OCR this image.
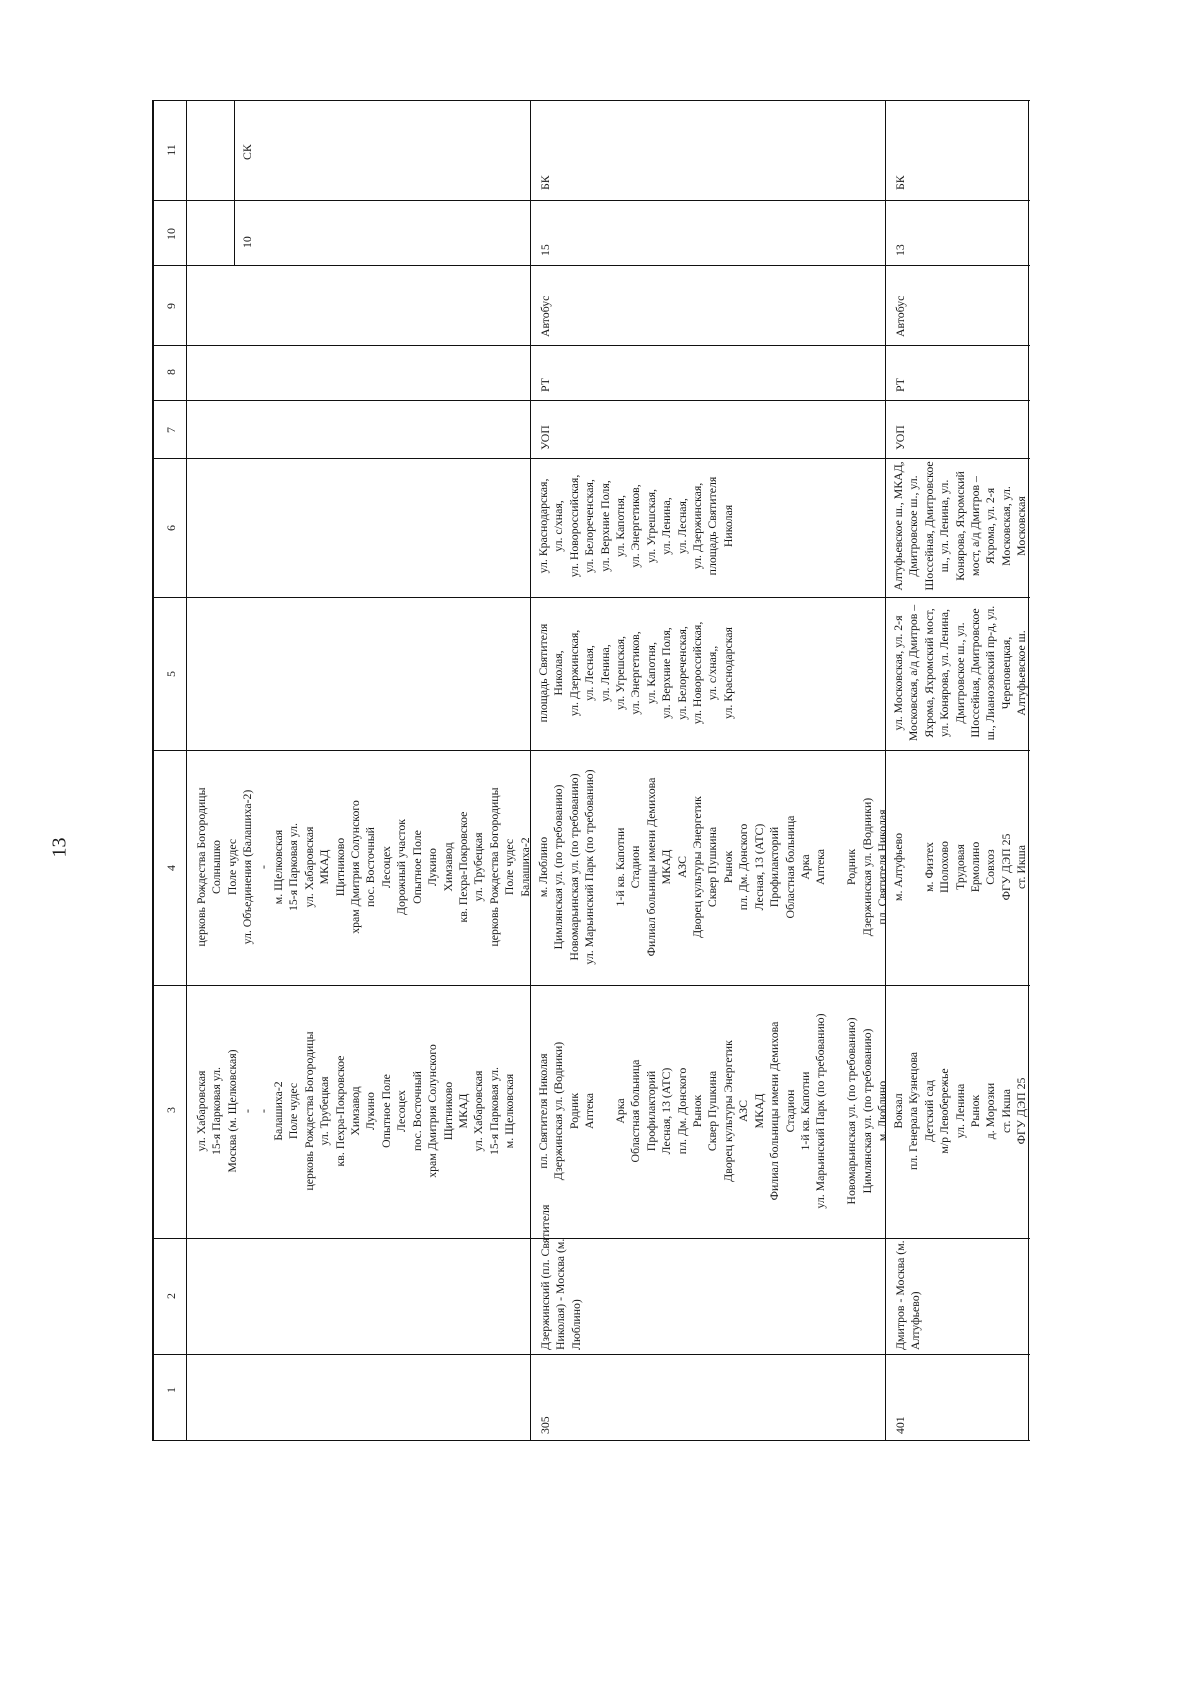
13
1
2
3
4
5
6
7
8
9
10
11
ул. Хабаровская
15-я Парковая ул.
Москва (м. Щелковская)
-
-
Балашиха-2
Поле чудес
церковь Рождества Богородицы
ул. Трубецкая
кв. Пехра-Покровское
Химзавод
Лукино
Опытное Поле
Лесоцех
пос. Восточный
храм Дмитрия Солунского
Щитниково
МКАД
ул. Хабаровская
15-я Парковая ул.
м. Щелковская
церковь Рождества Богородицы
Солнышко
Поле чудес
ул. Объединения (Балашиха-2)
-
м. Щелковская
15-я Парковая ул.
ул. Хабаровская
МКАД
Щитниково
храм Дмитрия Солунского
пос. Восточный
Лесоцех
Дорожный участок
Опытное Поле
Лукино
Химзавод
кв. Пехра-Покровское
ул. Трубецкая
церковь Рождества Богородицы
Поле чудес
Балашиха-2
10
СК
305
Дзержинский (пл. Святителя
Николая) - Москва (м.
Люблино)
пл. Святителя Николая
Дзержинская ул. (Водники)
Родник
Аптека

Арка
Областная больница
Профилакторий
Лесная, 13 (АТС)
пл. Дм. Донского
Рынок
Сквер Пушкина
Дворец культуры Энергетик
АЗС
МКАД
Филиал больницы имени Демихова
Стадион
1-й кв. Капотни
ул. Марьинский Парк (по требованию)

Новомарьинская ул. (по требованию)
Цимлянская ул. (по требованию)
м. Люблино
м. Люблино
Цимлянская ул. (по требованию)
Новомарьинская ул. (по требованию)
ул. Марьинский Парк (по требованию)

1-й кв. Капотни
Стадион
Филиал больницы имени Демихова
МКАД
АЗС
Дворец культуры Энергетик
Сквер Пушкина
Рынок
пл. Дм. Донского
Лесная, 13 (АТС)
Профилакторий
Областная больница
Арка
Аптека

Родник
Дзержинская ул. (Водники)
пл. Святителя Николая
площадь Святителя
Николая,
ул. Дзержинская,
ул. Лесная,
ул. Ленина,
ул. Угрешская,
ул. Энергетиков,
ул. Капотня,
ул. Верхние Поля,
ул. Белореченская,
ул. Новороссийская,
ул. с/хная,,
ул. Краснодарская
ул. Краснодарская,
ул. с/хная,
ул. Новороссийская,
ул. Белореченская,
ул. Верхние Поля,
ул. Капотня,
ул. Энергетиков,
ул. Угрешская,
ул. Ленина,
ул. Лесная,
ул. Дзержинская,
площадь Святителя
Николая
УОП
РТ
Автобус
15
БК
401
Дмитров - Москва (м.
Алтуфьево)
Вокзал
пл. Генерала Кузнецова
Детский сад
м/р Левобережье
ул. Ленина
Рынок
д. Морозки
ст. Икша
ФГУ ДЭП 25
м. Алтуфьево

м. Физтех
Шолохово
Трудовая
Ермолино
Совхоз
ФГУ ДЭП 25
ст. Икша
ул. Московская, ул. 2-я
Московская, а/д Дмитров –
Яхрома, Яхромский мост,
ул. Конярова, ул. Ленина,
Дмитровское ш., ул.
Шоссейная, Дмитровское
ш., Лианозовский пр-д, ул.
Череповецкая,
Алтуфьевское ш.
Алтуфьевское ш., МКАД,
Дмитровское ш., ул.
Шоссейная, Дмитровское
ш., ул. Ленина, ул.
Конярова, Яхромский
мост, а/д Дмитров –
Яхрома, ул. 2-я
Московская, ул.
Московская
УОП
РТ
Автобус
13
БК
